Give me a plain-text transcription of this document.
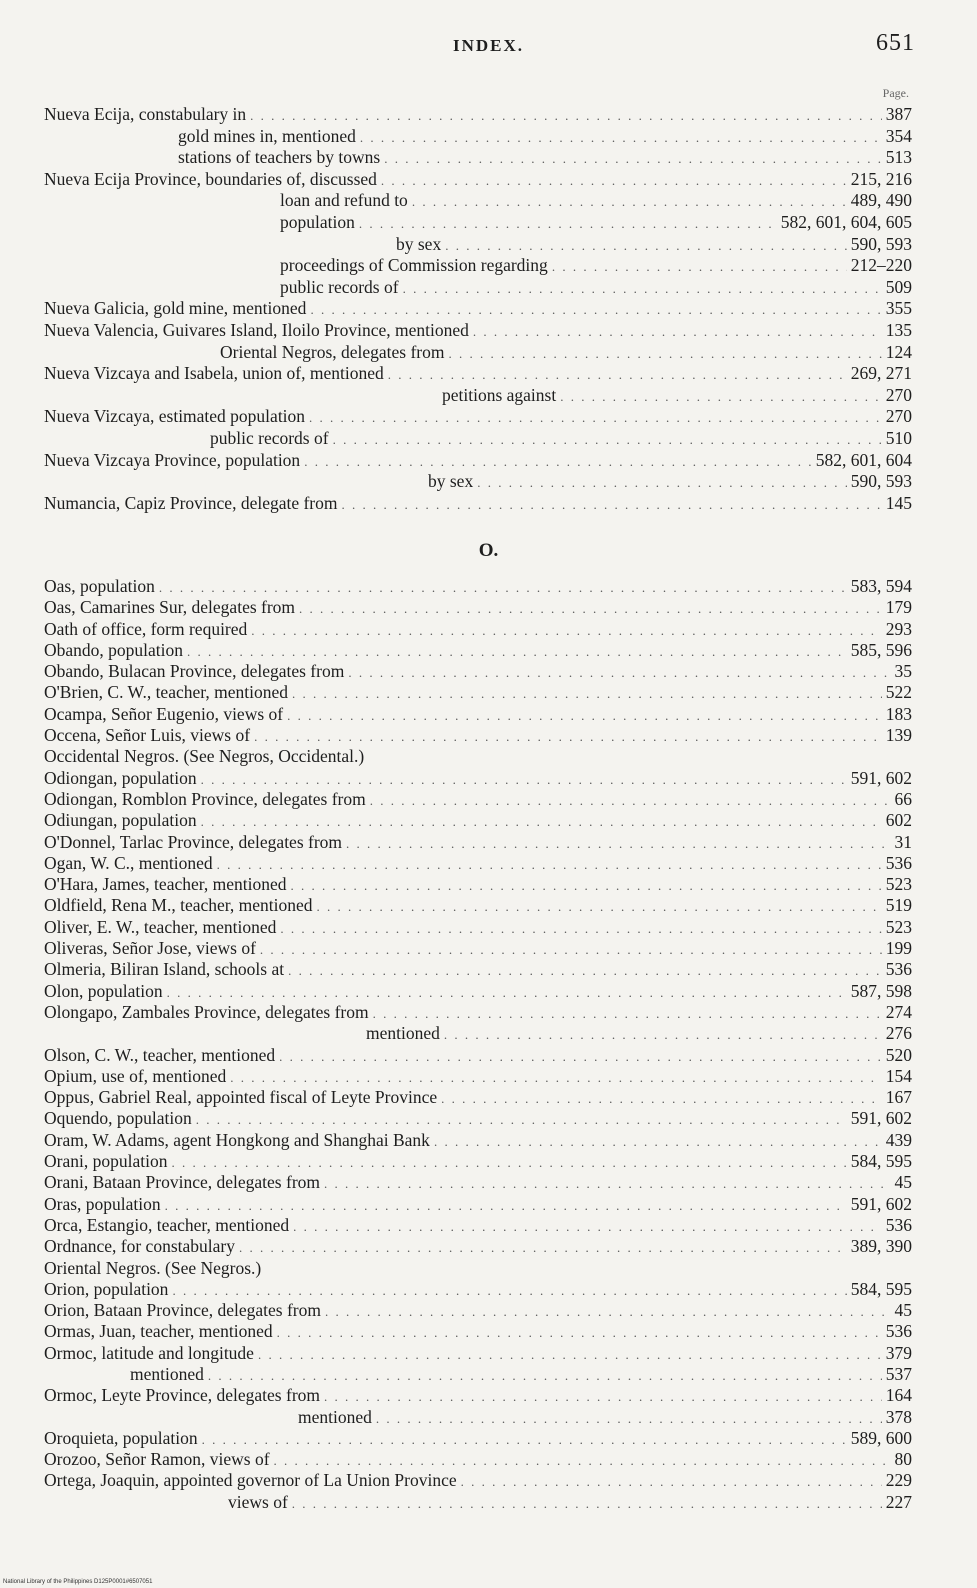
INDEX.	651
Page.
Nueva Ecija, constabulary in . . .	387
gold mines in, mentioned . . .	354
stations of teachers by towns . . .	513
Nueva Ecija Province, boundaries of, discussed . . .	215, 216
loan and refund to . . .	489, 490
population . . .	582, 601, 604, 605
by sex . . .	590, 593
proceedings of Commission regarding . . .	212–220
public records of . . .	509
Nueva Galicia, gold mine, mentioned . . .	355
Nueva Valencia, Guivares Island, Iloilo Province, mentioned . . .	135
Oriental Negros, delegates from . . .	124
Nueva Vizcaya and Isabela, union of, mentioned . . .	269, 271
petitions against . . .	270
Nueva Vizcaya, estimated population . . .	270
public records of . . .	510
Nueva Vizcaya Province, population . . .	582, 601, 604
by sex . . .	590, 593
Numancia, Capiz Province, delegate from . . .	145
O.
Oas, population . . .	583, 594
Oas, Camarines Sur, delegates from . . .	179
Oath of office, form required . . .	293
Obando, population . . .	585, 596
Obando, Bulacan Province, delegates from . . .	35
O'Brien, C. W., teacher, mentioned . . .	522
Ocampa, Señor Eugenio, views of . . .	183
Occena, Señor Luis, views of . . .	139
Occidental Negros. (See Negros, Occidental.)
Odiongan, population . . .	591, 602
Odiongan, Romblon Province, delegates from . . .	66
Odiungan, population . . .	602
O'Donnel, Tarlac Province, delegates from . . .	31
Ogan, W. C., mentioned . . .	536
O'Hara, James, teacher, mentioned . . .	523
Oldfield, Rena M., teacher, mentioned . . .	519
Oliver, E. W., teacher, mentioned . . .	523
Oliveras, Señor Jose, views of . . .	199
Olmeria, Biliran Island, schools at . . .	536
Olon, population . . .	587, 598
Olongapo, Zambales Province, delegates from . . .	274
mentioned . . .	276
Olson, C. W., teacher, mentioned . . .	520
Opium, use of, mentioned . . .	154
Oppus, Gabriel Real, appointed fiscal of Leyte Province . . .	167
Oquendo, population . . .	591, 602
Oram, W. Adams, agent Hongkong and Shanghai Bank . . .	439
Orani, population . . .	584, 595
Orani, Bataan Province, delegates from . . .	45
Oras, population . . .	591, 602
Orca, Estangio, teacher, mentioned . . .	536
Ordnance, for constabulary . . .	389, 390
Oriental Negros. (See Negros.)
Orion, population . . .	584, 595
Orion, Bataan Province, delegates from . . .	45
Ormas, Juan, teacher, mentioned . . .	536
Ormoc, latitude and longitude . . .	379
mentioned . . .	537
Ormoc, Leyte Province, delegates from . . .	164
mentioned . . .	378
Oroquieta, population . . .	589, 600
Orozoo, Señor Ramon, views of . . .	80
Ortega, Joaquin, appointed governor of La Union Province . . .	229
views of . . .	227
National Library of the Philippines D125P0001#6507051
